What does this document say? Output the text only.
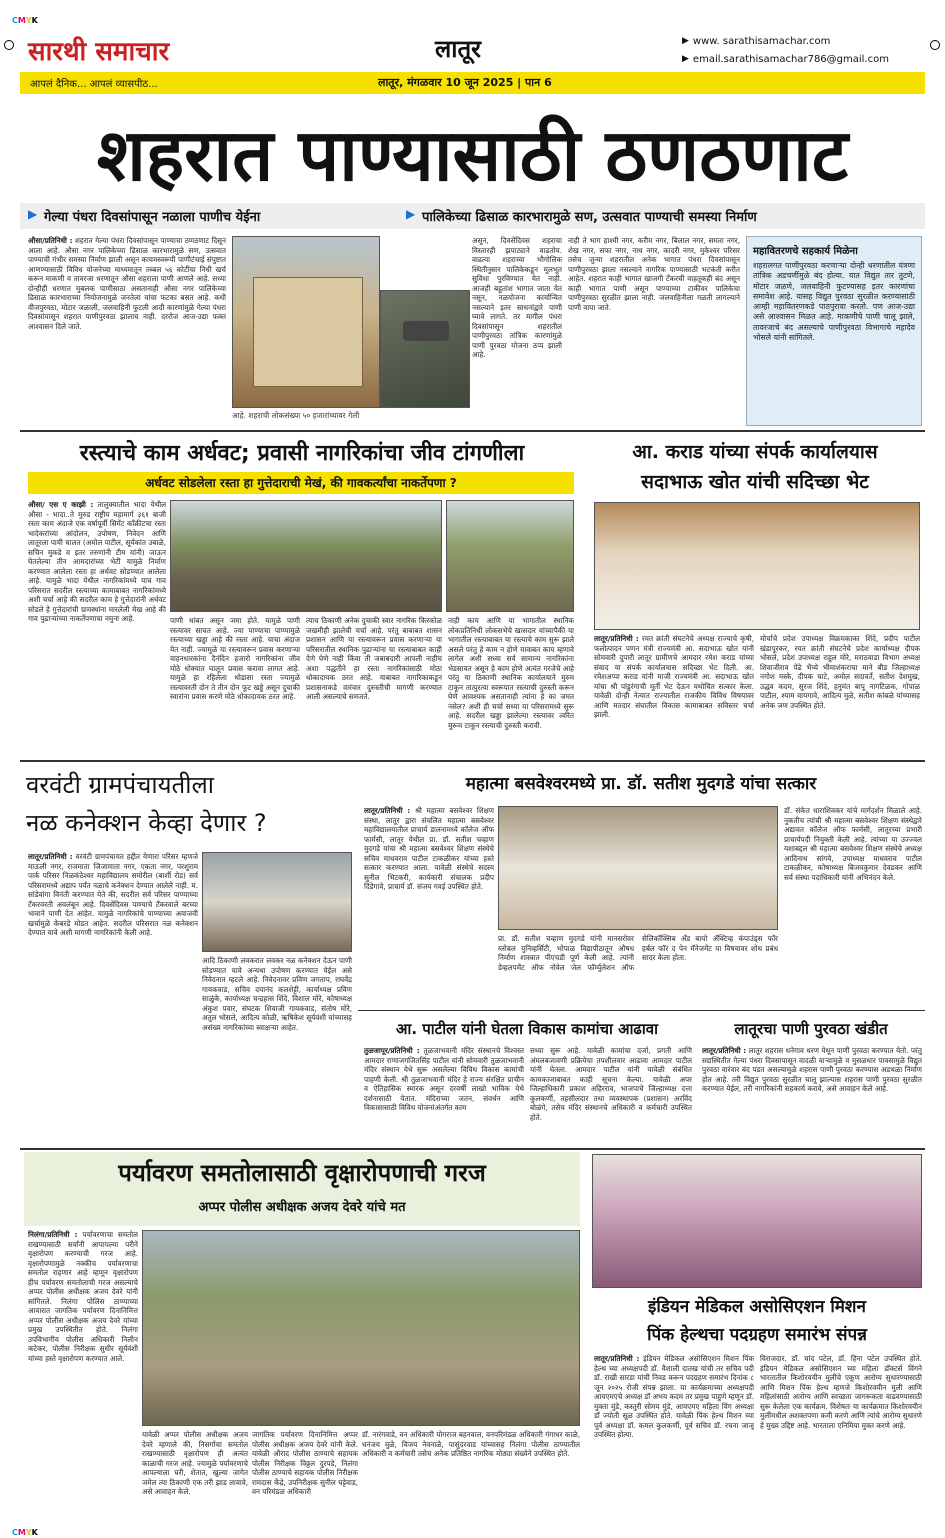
CMYK
सारथी समाचार	लातूर	▶ www. sarathisamachar.com
▶ email.sarathisamachar786@gmail.com
आपलं दैनिक... आपलं व्यासपीठ...	लातूर, मंगळवार 10 जून 2025 | पान 6
शहरात पाण्यासाठी ठणठणाट
▶ गेल्या पंधरा दिवसांपासून नळाला पाणीच येईना	▶ पालिकेच्या ढिसाळ कारभारामुळे सण, उत्सवात पाण्याची समस्या निर्माण
औसा/प्रतिनिधी : शहरात गेल्या पंधरा दिवसांपासून पाण्याचा ठणठणाट दिसून आला आहे. औसा नगर पालिकेच्या ढिसाळ कारभारामुळे सण, उत्सवात पाण्याची गंभीर समस्या निर्माण झाली असून कायमस्वरूपी पाणीटंचाई संपुष्टात आणण्यासाठी विविध योजनेच्या माध्यमातून तब्बल ५६ कोटींचा निधी खर्च करून माकणी व तावरजा धरणातून औसा शहराला पाणी आणले आहे. सध्या दोन्हीही धरणात मुबलक पाणीसाठा असतानाही औसा नगर पालिकेच्या ढिसाळ कारभाराच्या नियोजनामुळे जनतेला यांचा फटका बसत आहे. कधी वीजपुरवठा, मोटार जळाली, जलवाहिनी फुटली आदी कारणांमुळे गेल्या पंधरा दिवसांपासून शहरात पाणीपुरवठा झालाच नाही. दररोज आज-उद्या फक्त आश्वासन दिले जाते.
आहे. शहराची लोकसंख्या ५० हजारांच्यावर गेली
असून, दिवसेंदिवस शहराचा विस्तारही झपाट्याने वाढतोय. वाढत्या शहराच्या भौगोलिक स्थितीनुसार पालिकेकडून मूलभूत सुविधा पुरविण्यात येत नाही. आजही बहुतांश भागात जाता येत नसून, नळयोजना कार्यान्वित नसल्याने इतर साधनांद्वारे पाणी घ्यावे लागते. तर मागील पंधरा दिवसांपासून शहरातील पाणीपुरवठा तांत्रिक कारणांमुळे पाणी पुरवठा योजना ठप्प झाली आहे.
नाही ते भाग हाश्मी नगर, करीम नगर, बिलाल नगर, समता नगर, शेख नगर, सफा नगर, नाथ नगर, कादरी नगर, मुकेश्वर परिसर तसेच जुन्या शहरातील अनेक भागात पंधरा दिवसांपासून पाणीपुरवठा झाला नसल्याने नागरिक पाण्यासाठी भटकंती करीत आहेत. शहरात काही भागात खाजगी टँकरची वाहतूकही बंद असून काही भागात पाणी असून पाण्याच्या टाकीवर पालिकेचा पाणीपुरवठा सुरळीत झाला नाही. जलवाहिनीला गळती लागल्याने पाणी वाया जाते.
महावितरणचे सहकार्य मिळेना
शहरालगत पाणीपुरवठा करणाऱ्या दोन्ही धरणातील यंत्रणा तांत्रिक अडचणींमुळे बंद होत्या. यात विद्युत तार तुटणे, मोटार जळणे, जलवाहिनी फुटण्यासह इतर कारणांचा समावेश आहे. यासह विद्युत पुरवठा सुरळीत करण्यासाठी आम्ही महावितरणकडे पाठपुरावा करतो. पण आज-उद्या असे आश्वासन मिळत आहे. माकणीचे पाणी चालू झाले, तावरजाचे बंद असल्याचे पाणीपुरवठा विभागाचे महादेव भोसले यांनी सांगितले.
रस्त्याचे काम अर्धवट; प्रवासी नागरिकांचा जीव टांगणीला
अर्धवट सोडलेला रस्ता हा गुत्तेदाराची मेखं, की गावकर्त्यांचा नाकर्तेपणा ?
औसा/ एस ए काझी : तालुक्यातील भादा येथील औसा - भादा..ते मुरुड राष्ट्रीय महामार्ग ३६१ बाजी रस्ता काम अंदाजे एक वर्षापूर्वी सिमेंट काँक्रीटचा रस्ता भादेकरांच्या आंदोलन, उपोषण, निवेदन आणि लातूरला पायी चालत (अमोल पाटील, सूर्यकांत उबाळे, सचिन मुकडे व इतर तरुणांनी टीम यांनी) जाऊन घेतलेल्या तीन आमदारांच्या भेटी यामुळे निर्माण करण्यात आलेला रस्ता हा अर्धवट सोडण्यात आलेला आहे. यामुळे भादा येथील नागरिकांमध्ये याच गाव परिसरात सदरील रस्त्याच्या कामाबाबत नागरिकांमध्ये अशी चर्चा आहे की सदरील काम हे गुत्तेदारांनी अर्धवट सोडले हे गुत्तेदारांची ग्रामस्थांना मारलेली मेख आहे की गाव पुढाऱ्यांच्या नाकर्तेपणाचा नमुना आहे.	पाणी थांबत असून जमा होते. यामुळे पाणी रस्त्यावर साचत आहे. ज्या पाण्याचा पाण्यामुळे रस्त्याच्या खड्डा आहे की रस्ता आहे. याचा अंदाज येत नाही. ज्यामुळे या रस्त्यावरून प्रवास करणाऱ्या वाहनधारकांना दैनंदिन हजारो नागरिकांना जीव मोठे धोक्यात घालून प्रवास करावा लागत आहे. यामुळे हा रहिलेला थोडासा रस्ता ज्यामुळे रस्त्यावरती दोन ते तीन दोन फूट खड्डे असून दुचाकी स्वारांना प्रवास करणे मोठे धोकादायक ठरत आहे.
त्याच ठिकाणी अनेक दुचाकी स्वार नागरिक किरकोळ जखमीही झालेची चर्चा आहे. परंतु बाबाबत शासन प्रशासन आणि या रस्त्यावरून प्रवास करणाऱ्या या परिसरातील स्थानिक पुढाऱ्यांना या रस्त्याबाबत काही देणे घेणे नाही किंवा ती जबाबदारी आपली नाहीच अशा पद्धतीने हा रस्ता नागरिकांसाठी मोठा धोकादायक ठरत आहे. याबाबत नागरिकाकडून प्रशासनाकडे वारंवार दुरुस्तीची मागणी करण्यात आली असल्याचे समजते.
नाही काय आणि या भागातील स्थानिक लोकप्रतिनिधी लोकसभेचे खासदार यांच्यापैकी या भागातील रस्त्याबाबत या रस्त्याचे काम सुरू झाले असले परंतु हे काम न होणे यावाबत काय म्हणावे लागेल अशी सध्या सर्व सामान्य नागरिकांना भेडसावत असून हे काम होणे अत्यंत गरजेचे आहे परंतु या ठिकाणी स्थानिक कार्यालयाने मुरुम टाकून तात्पुरत्या स्वरूपात रस्त्याची दुरुस्ती करून घेणे आवश्यक असतानाही त्यांना हे का जमत नसेल? अशी ही चर्चा सध्या या परिसरामध्ये सुरू आहे. सदरील खड्डा झालेल्या रस्त्यावर त्वरित मुरूम टाकून रस्त्याची दुरुस्ती करावी.
आ. कराड यांच्या संपर्क कार्यालयास
सदाभाऊ खोत यांची सदिच्छा भेट
लातूर/प्रतिनिधी : रयत क्रांती संघटनेचे अध्यक्ष राज्याचे कृषी, फलोत्पादन पणन मंत्री राज्यमंत्री आ. सदाभाऊ खोत यांनी सोमवारी दुपारी लातूर ग्रामीणचे आमदार रमेश कराड यांच्या संवाद या संपर्क कार्यालयास सदिच्छा भेट दिली. आ. रमेशअप्पा कराड यांनी माजी राज्यमंत्री आ. सदाभाऊ खोत यांचा श्री पांडुरंगाची मूर्ती भेट देऊन यथोचित सत्कार केला. यावेळी दोन्ही नेत्यात राज्यातील राजकीय विविध विषयावर आणि मतदार संघातील विकास कामाबाबत सविस्तर चर्चा झाली.
मोर्चाचे प्रदेश उपाध्यक्ष विक्रमकाका शिंदे, प्रदीप पाटील खंडापूरकर, रयत क्रांती संघटनेचे प्रदेश कार्याध्यक्ष दीपक भोसले, प्रदेश उपाध्यक्ष राहुल मोरे, मराठवाडा विभाग अध्यक्ष शिवाजीराव पेंढे भैय्ये भीमाशंकराचा माने बीड जिल्हाध्यक्ष नगोश मस्के, दीपक चाटे, अमोल सदावर्ते, सतीश देशमुख, उद्धव कदम, सुरज शिंदे, हनुमंत बापू नागटिळक, गोपाळ पाटील, श्याम वायगावे, आदित्य मुळे, सतीश कांबळे यांच्यासह अनेक जण उपस्थित होते.
वरवंटी ग्रामपंचायतीला
नळ कनेक्शन केव्हा देणार ?
लातूर/प्रतिनिधी : वरवंटी ग्रामपंचायत हद्दीत येणारा परिसर म्हणजे माऊली नगर, राजमाता जिजामाता नगर, एकता नगर, परशुराम पार्क परिसर निळकंठेश्वर महाविद्यालय समोरील (बार्शी रोड) सर्व परिसरामध्ये अद्याप पर्यंत नळाचे कनेक्शन देण्यात आलेले नाही. म. सांडेवांगा विनंती करण्यात येते की, सदरील सर्व परिसर पाण्याच्या टँकरवरती अवलंबून आहे. दिवसेंदिवस पाण्याचे टँकरवाले बरच्या भावाने पाणी देत आहेत. यामुळे नागरिकांचे पाण्याच्या अवाजवी खर्चामुळे केबरडे मोडत आहेत. सदरील परिसरात नळ कनेक्शन देण्यात यावे अशी मागणी नागरिकांनी केली आहे.
आदि ठिकाणी लवकरात लवकर नळ कनेक्शन देऊन पाणी सोडण्यात यावे अन्यथा उपोषण करण्यात येईल असे निवेदनात म्हटले आहे. निवेदनावर प्रविण जगताप, राघवेंद्र गायकवाड, सचिव दयानंद कलशेट्टी, कार्याध्यक्ष प्रविण साळुंके, कार्याध्यक्ष चन्द्रहास शिंदे, विशाल मोरे, कोषाध्यक्ष अंकुश पवार, संघटक शिवाजी गायकवाड, संतोष मोरे, अतुल भोसले, आदित्य कोळी, ऋषिकेश सूर्यवंशी यांच्यासह असंख्य नागरिकांच्या स्वाक्षऱ्या आहेत.
महात्मा बसवेश्वरमध्ये प्रा. डॉ. सतीश मुदगडे यांचा सत्कार
लातूर/प्रतिनिधी : श्री महात्मा बसवेश्वर शिक्षण संस्था, लातूर द्वारा संचलित महात्मा बसवेश्वर महाविद्यालयातील प्राचार्य डालनामध्ये कॉलेज ऑफ फार्मसी, लातूर येथील प्रा. डॉ. सतीश चव्हाण मुदगडे यांचा श्री महात्मा बसवेश्वर शिक्षण संस्थेचे सचिव माधवराव पाटील टाकळीकर यांच्या हस्ते सत्कार करण्यात आला. यावेळी संस्थेचे सदस्य सुनील भिटकरी, कार्यकारी संचालक प्रदीप दिंडेगावे, प्राचार्य डॉ. संजय गवई उपस्थित होते.
प्रा. डॉ. सतीश चव्हाण मुदगडे यांनी मानसरोवर ग्लोबल युनिव्हर्सिटी, भोपाळ विद्यापीठातून औषध निर्माण शास्त्रात पीएचडी पूर्ण केली आहे. त्यांनी डेव्हलपमेंट ऑफ नोवेल जेल फॉर्म्युलेशन ऑफ सेलिकॉक्सिब अँड बायो ॲक्टिव्ह कंपाउंड्स फॉर हर्बल फॉर द पेन मॅनेजमेंट या विषयावर शोध प्रबंध सादर केला होता.
डॉ. संकेत धाराशिवकर यांचे मार्गदर्शन मिळाले आहे. नुकतीच त्यांची श्री महात्मा बसवेश्वर शिक्षण संस्थेद्वारे अद्यावत कॉलेज ऑफ फार्मसी, लातूरच्या प्रभारी प्राचार्यपदी नियुक्ती केली आहे. त्यांच्या या उज्ज्वल यशाबद्दल श्री महात्मा बसवेश्वर शिक्षण संस्थेचे अध्यक्ष आदिनाथ सांगवे, उपाध्यक्ष माधवराव पाटील टाकळीकर, कोषाध्यक्ष बिजयकुमार देवडकर आणि सर्व संस्था पदाधिकारी यांनी अभिनंदन केले.
आ. पाटील यांनी घेतला विकास कामांचा आढावा
तुळजापूर/प्रतिनिधी : तुळजाभवानी मंदिर संस्थानचे विश्वस्त आमदार राणाजगजितसिंह पाटील यांनी सोमवारी तुळजाभवानी मंदिर संस्थान येथे सुरू असलेल्या विविध विकास कामांची पाहणी केली. श्री तुळजाभवानी मंदिर हे राज्य संरक्षित प्राचीन व ऐतिहासिक स्मारक असून दरवर्षी लाखो भाविक येथे दर्शनासाठी येतात. मंदिराच्या जतन, संवर्धन आणि विकासासाठी विविध योजनांअंतर्गत काम
सध्या सुरू आहे. यावेळी कामांचा दर्जा, प्रगती आणि अंमलबजावणी प्रक्रियेचा तपशीलवार आढावा आमदार पाटील यांनी घेतला. आमदार पाटील यांनी यावेळी संबंधित कामकाजाबाबत काही सूचना केल्या. यावेळी अपर जिल्हाधिकारी प्रकाश अहिरराव, भाजपाचे जिल्हाध्यक्ष दत्ता कुलकर्णी, तहसीलदार तथा व्यवस्थापक (प्रशासन) अरविंद बोळंगे, तसेच मंदिर संस्थानचे अधिकारी व कर्मचारी उपस्थित होते.
लातूरचा पाणी पुरवठा खंडीत
लातूर/प्रतिनिधी : लातूर शहरास धनेगाव धरण येथून पाणी पुरवठा करण्यात येतो. परंतु सद्यस्थितीत गेल्या पंधरा दिवसापासून वादळी वाऱ्यामुळे व मुसळधार पावसामुळे विद्युत पुरवठा वारंवार बंद पडत असल्यामुळे शहरास पाणी पुरवठा करण्यास अडथळा निर्माण होत आहे. तरी विद्युत पुरवठा सुरळीत चालू झाल्यास शहरास पाणी पुरवठा सुरळीत करण्यात येईल, तरी नागरिकांनी सहकार्य करावे, असे आवाहन केले आहे.
पर्यावरण समतोलासाठी वृक्षारोपणाची गरज
अप्पर पोलीस अधीक्षक अजय देवरे यांचे मत
निलंगा/प्रतिनिधी : पर्यावरणाचा समतोल राखण्यासाठी सर्वांनी आपापल्या परीने वृक्षारोपण करण्याची गरज आहे. वृक्षारोपणामुळे नक्कीच पर्यावरणाचा समतोल राहणार आहे म्हणून वृक्षारोपण हीच पर्यावरण समतोलाची गरज असल्याचे अप्पर पोलीस अधीक्षक अजय देवरे यांनी सांगितले. निलंगा पोलिस ठाण्याच्या आवारात जागतिक पर्यावरण दिनानिमित्त अप्पर पोलीस अधीक्षक अजय देवरे यांच्या प्रमुख उपस्थितीत होते. निलंगा उपविभागीय पोलीस अधिकारी निलीन कटेकर, पोलीस निरीक्षक सुधीर सूर्यवंशी यांच्या हस्ते वृक्षारोपण करण्यात आले.
यावेळी अप्पर पोलीस अधीक्षक अजय देवरे म्हणाले की, निसर्गाचा समतोल राखण्यासाठी वृक्षारोपण ही अत्यंत काळाची गरज आहे. ज्यामुळे पर्यावरणाचे आपल्याला घरी, शेतात, खुल्या जागेत जमेल त्या ठिकाणी एक तरी झाड लावावे, असे आवाहन केले.
जागतिक पर्यावरण दिनानिमित्त अप्पर पोलीस अधीक्षक अजय देवरे यांनी केले. यावेळी औराद पोलीस ठाण्याचे सहायक पोलीस निरीक्षक विठ्ठल दुरपडे, निलंगा पोलीस ठाण्याचे सहायक पोलीस निरीक्षक रामदास केंद्रे, उपनिरीक्षक सुनील घट्टेवाड, वन परिमंडळ अधिकारी
डॉ. नारंगवाडे, वन अधिकारी योगराज बहनवाल, वनपरिमंडळ अधिकारी गंगाधर काळे, धनंजय मुळे, विजय नेवनाळे, पासुंदरवाड यांच्यासह निलंगा पोलीस ठाण्यातील अधिकारी व कर्मचारी तसेच अनेक प्रतिष्ठित नागरिक मोठ्या संख्येने उपस्थित होते.
इंडियन मेडिकल असोसिएशन मिशन
पिंक हेल्थचा पदग्रहण समारंभ संपन्न
लातूर/प्रतिनिधी : इंडियन मेडिकल असोसिएशन मिशन पिंक हेल्थ च्या अध्यक्षपदी डॉ. वैशाली दातख यांची तर सचिव पदी डॉ. राखी सारडा यांची निवड करून पदग्रहण समारंभ दिनांक ८ जून २०२५ रोजी संपन्न झाला. या कार्यक्रमाच्या अध्यक्षपदी आयएमएचे अध्यक्ष डॉ अभय कदम तर प्रमुख पाहुणे म्हणून डॉ. मुक्ता मुंडे, कस्तुरी सोमय मुंडे, आयएमए महिला विंग अध्यक्षा डॉ ज्योती सूळ उपस्थित होते. यावेळी पिंक हेल्थ मिशन च्या पूर्व अध्यक्षा डॉ. कमल कुलकर्णी, पूर्व सचिव डॉ. रचना जाजू उपस्थित होत्या.
विराजदार, डॉ. चांद पटेल, डॉ. हिना पटेल उपस्थित होते. इंडियन मेडिकल असोसिएशन च्या महिला डॉक्टर्स विंगने भारतातील किशोरवयीन मुलींचे एकूण आरोग्य सुधारण्यासाठी आणि मिशन पिंक हेल्थ म्हणजे किशोरवयीन मुली आणि महिलांसाठी आरोग्य आणि स्वच्छता जागरूकता वाढवण्यासाठी सुरू केलेला एक कार्यक्रम. विशेषतः या कार्यक्रमात किशोरवयीन मुलींमधील अशक्तपणा कमी करणे आणि त्यांचे आरोग्य सुधारणे हे मुख्य उद्दिष्ट आहे. भारताला एनिमिया मुक्त करणे आहे.
CMYK
